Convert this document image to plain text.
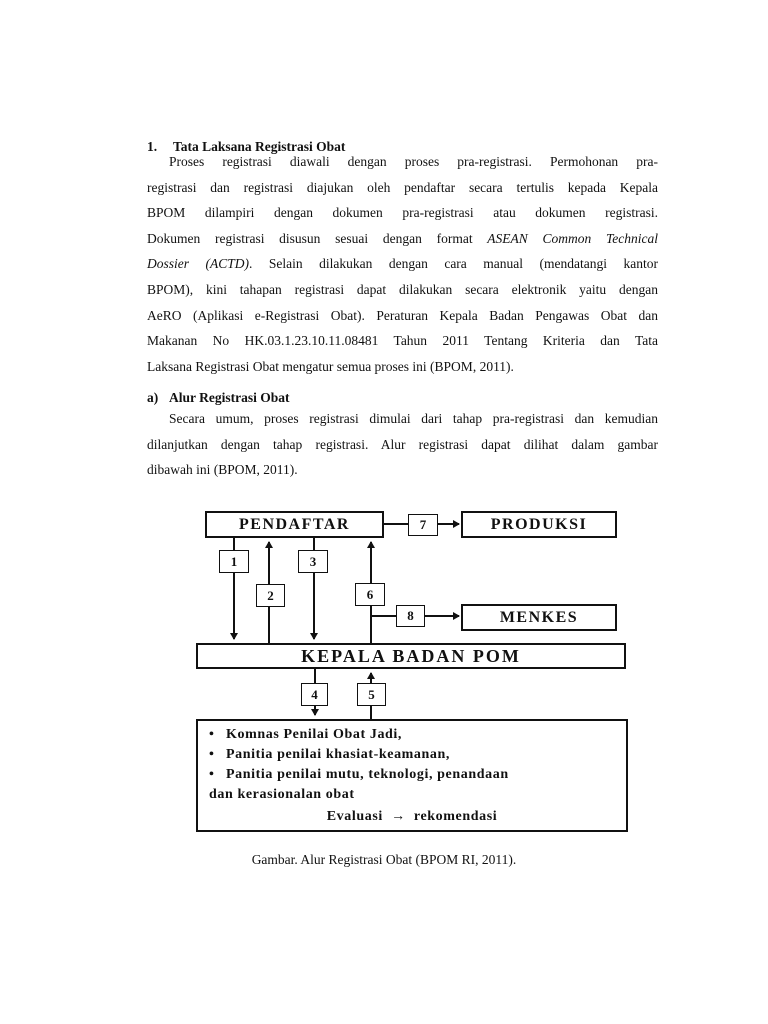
1. Tata Laksana Registrasi Obat
Proses registrasi diawali dengan proses pra-registrasi. Permohonan pra-
registrasi dan registrasi diajukan oleh pendaftar secara tertulis kepada Kepala
BPOM dilampiri dengan dokumen pra-registrasi atau dokumen registrasi.
Dokumen registrasi disusun sesuai dengan format ASEAN Common Technical
Dossier (ACTD). Selain dilakukan dengan cara manual (mendatangi kantor
BPOM), kini tahapan registrasi dapat dilakukan secara elektronik yaitu dengan
AeRO (Aplikasi e-Registrasi Obat). Peraturan Kepala Badan Pengawas Obat dan
Makanan No HK.03.1.23.10.11.08481 Tahun 2011 Tentang Kriteria dan Tata
Laksana Registrasi Obat mengatur semua proses ini (BPOM, 2011).
a) Alur Registrasi Obat
Secara umum, proses registrasi dimulai dari tahap pra-registrasi dan kemudian
dilanjutkan dengan tahap registrasi. Alur registrasi dapat dilihat dalam gambar
dibawah ini (BPOM, 2011).
PENDAFTAR	PRODUKSI
MENKES
KEPALA BADAN POM
1
2
3
4	5
6
7
8
• Komnas Penilai Obat Jadi,
• Panitia penilai khasiat-keamanan,
• Panitia penilai mutu, teknologi, penandaan
dan kerasionalan obat
Evaluasi → rekomendasi
Gambar. Alur Registrasi Obat (BPOM RI, 2011).
